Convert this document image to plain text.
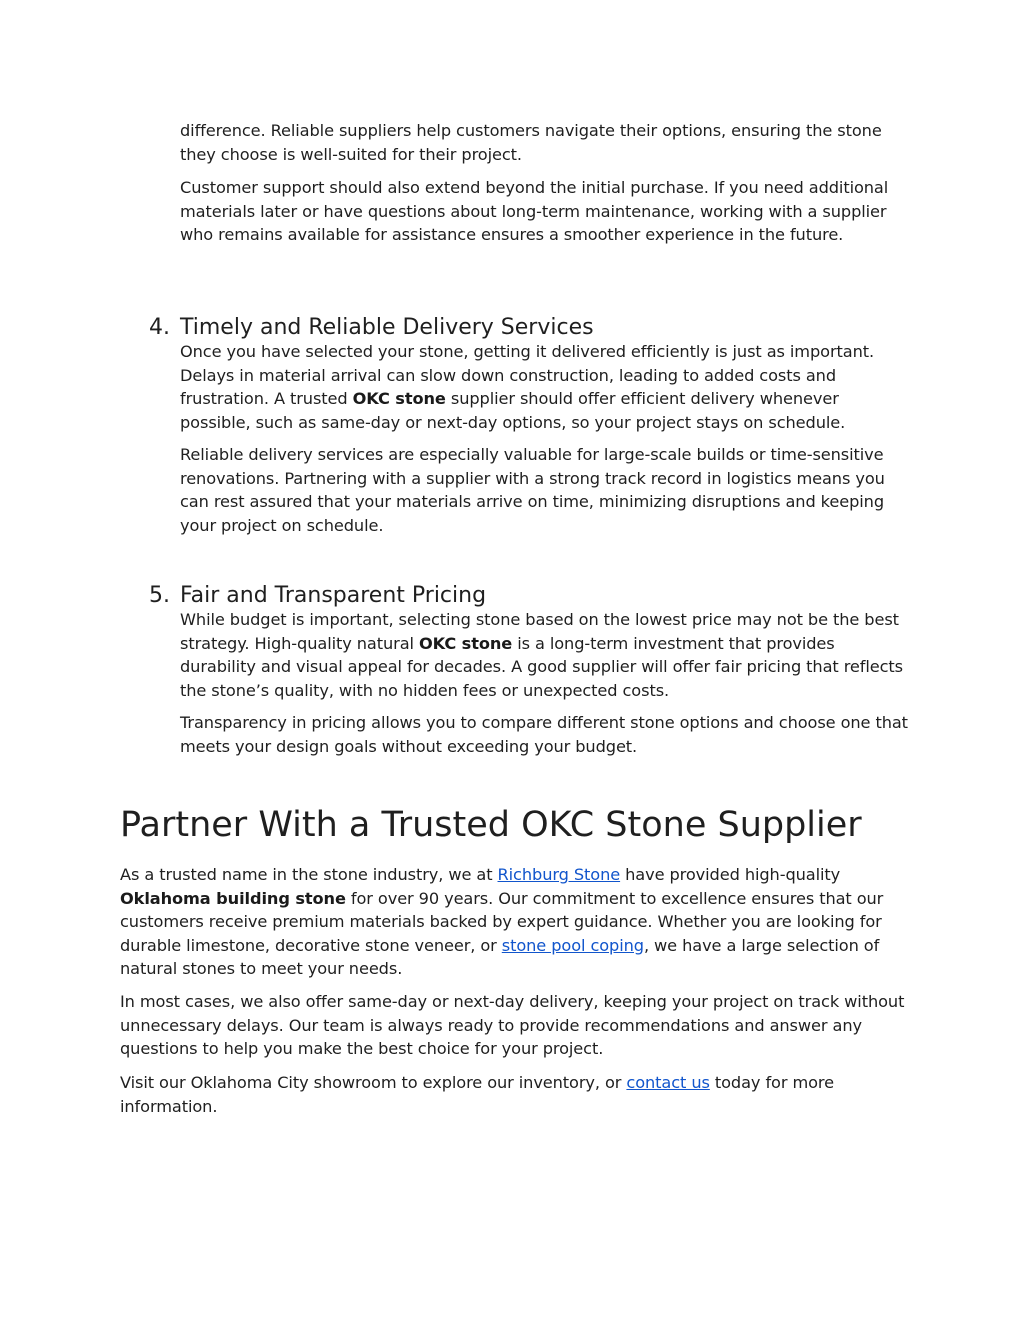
difference. Reliable suppliers help customers navigate their options, ensuring the stone they choose is well-suited for their project.

Customer support should also extend beyond the initial purchase. If you need additional materials later or have questions about long-term maintenance, working with a supplier who remains available for assistance ensures a smoother experience in the future.

4. Timely and Reliable Delivery Services

Once you have selected your stone, getting it delivered efficiently is just as important. Delays in material arrival can slow down construction, leading to added costs and frustration. A trusted OKC stone supplier should offer efficient delivery whenever possible, such as same-day or next-day options, so your project stays on schedule.

Reliable delivery services are especially valuable for large-scale builds or time-sensitive renovations. Partnering with a supplier with a strong track record in logistics means you can rest assured that your materials arrive on time, minimizing disruptions and keeping your project on schedule.

5. Fair and Transparent Pricing

While budget is important, selecting stone based on the lowest price may not be the best strategy. High-quality natural OKC stone is a long-term investment that provides durability and visual appeal for decades. A good supplier will offer fair pricing that reflects the stone’s quality, with no hidden fees or unexpected costs.

Transparency in pricing allows you to compare different stone options and choose one that meets your design goals without exceeding your budget.

Partner With a Trusted OKC Stone Supplier

As a trusted name in the stone industry, we at Richburg Stone have provided high-quality Oklahoma building stone for over 90 years. Our commitment to excellence ensures that our customers receive premium materials backed by expert guidance. Whether you are looking for durable limestone, decorative stone veneer, or stone pool coping, we have a large selection of natural stones to meet your needs.

In most cases, we also offer same-day or next-day delivery, keeping your project on track without unnecessary delays. Our team is always ready to provide recommendations and answer any questions to help you make the best choice for your project.

Visit our Oklahoma City showroom to explore our inventory, or contact us today for more information.
